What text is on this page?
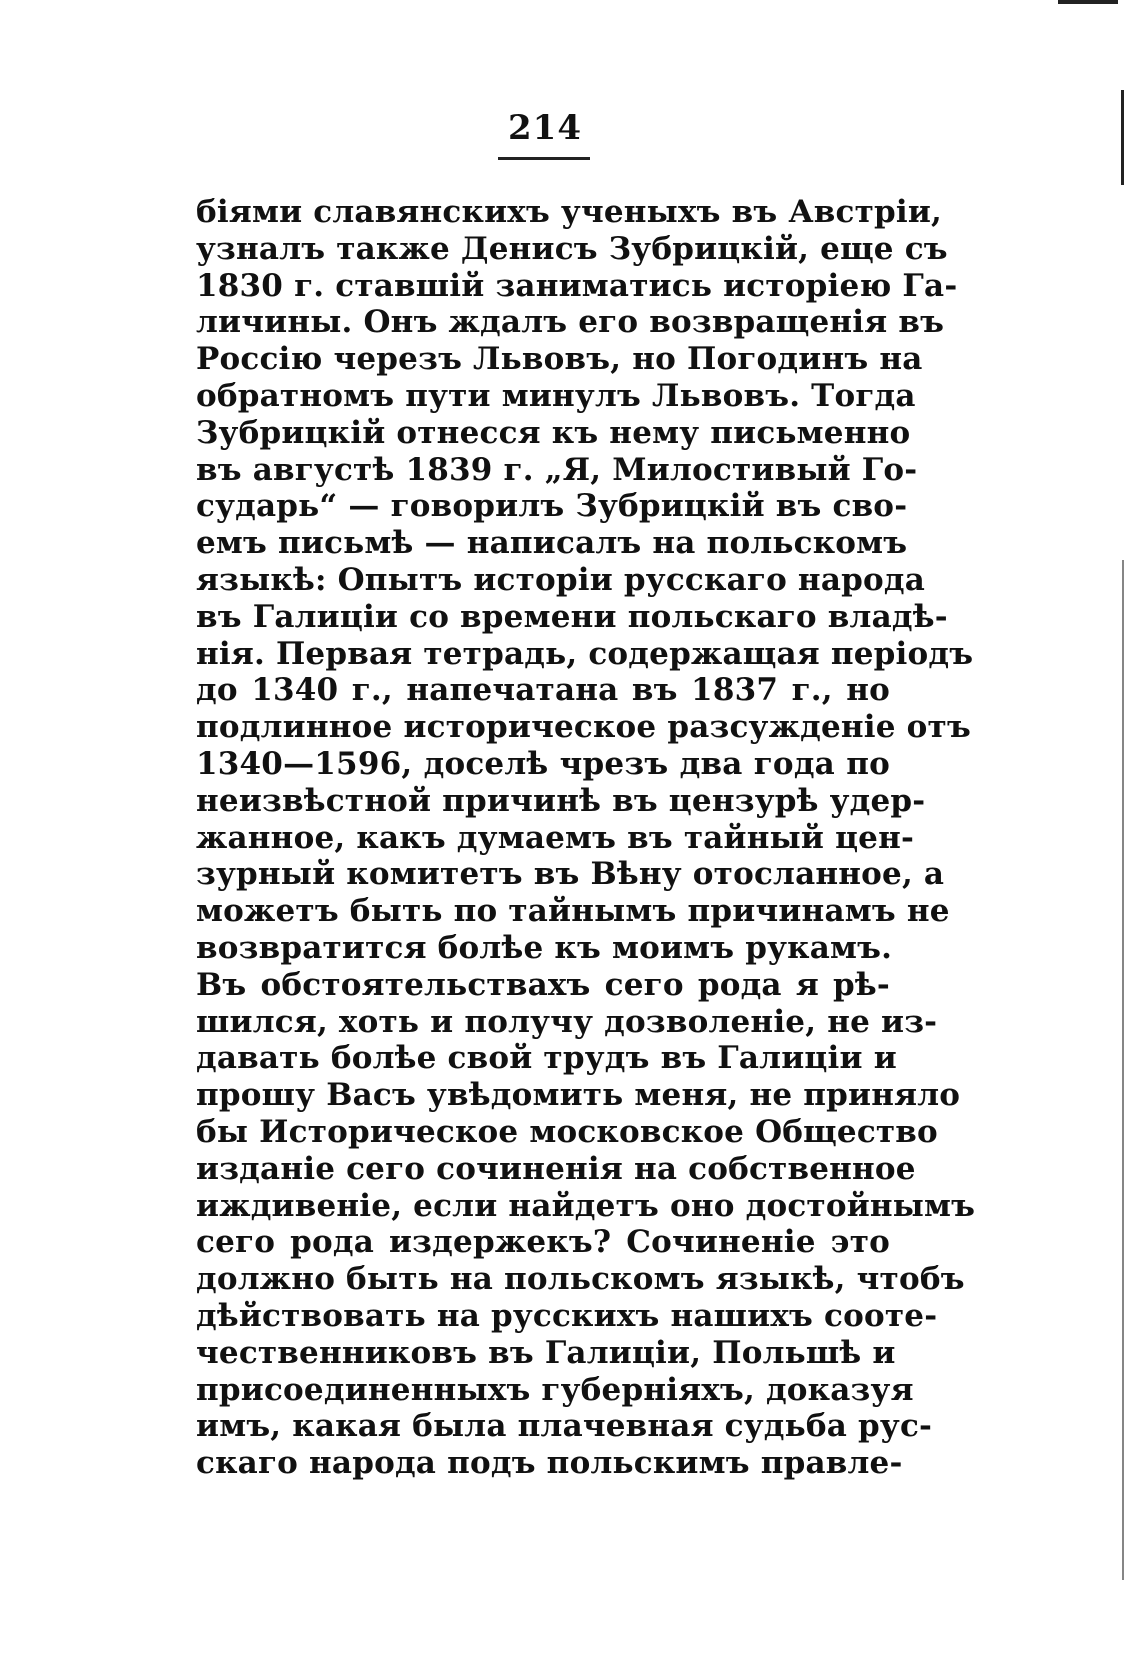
214
біями славянскихъ ученыхъ въ Австріи,
узналъ также Денисъ Зубрицкій, еще съ
1830 г. ставшій заниматись исторіею Га-
личины. Онъ ждалъ его возвращенія въ
Россію черезъ Львовъ, но Погодинъ на
обратномъ пути минулъ Львовъ. Тогда
Зубрицкій отнесся къ нему письменно
въ августѣ 1839 г. „Я, Милостивый Го-
сударь“ — говорилъ Зубрицкій въ сво-
емъ письмѣ — написалъ на польскомъ
языкѣ: Опытъ исторіи русскаго народа
въ Галиціи со времени польскаго владѣ-
нія. Первая тетрадь, содержащая періодъ
до 1340 г., напечатана въ 1837 г., но
подлинное историческое разсужденіе отъ
1340—1596, доселѣ чрезъ два года по
неизвѣстной причинѣ въ цензурѣ удер-
жанное, какъ думаемъ въ тайный цен-
зурный комитетъ въ Вѣну отосланное, а
можетъ быть по тайнымъ причинамъ не
возвратится болѣе къ моимъ рукамъ.
Въ обстоятельствахъ сего рода я рѣ-
шился, хоть и получу дозволеніе, не из-
давать болѣе свой трудъ въ Галиціи и
прошу Васъ увѣдомить меня, не приняло
бы Историческое московское Общество
изданіе сего сочиненія на собственное
иждивеніе, если найдетъ оно достойнымъ
сего рода издержекъ? Сочиненіе это
должно быть на польскомъ языкѣ, чтобъ
дѣйствовать на русскихъ нашихъ соотe-
чественниковъ въ Галиціи, Польшѣ и
присоединенныхъ губерніяхъ, доказуя
имъ, какая была плачевная судьба рус-
скаго народа подъ польскимъ правле-
